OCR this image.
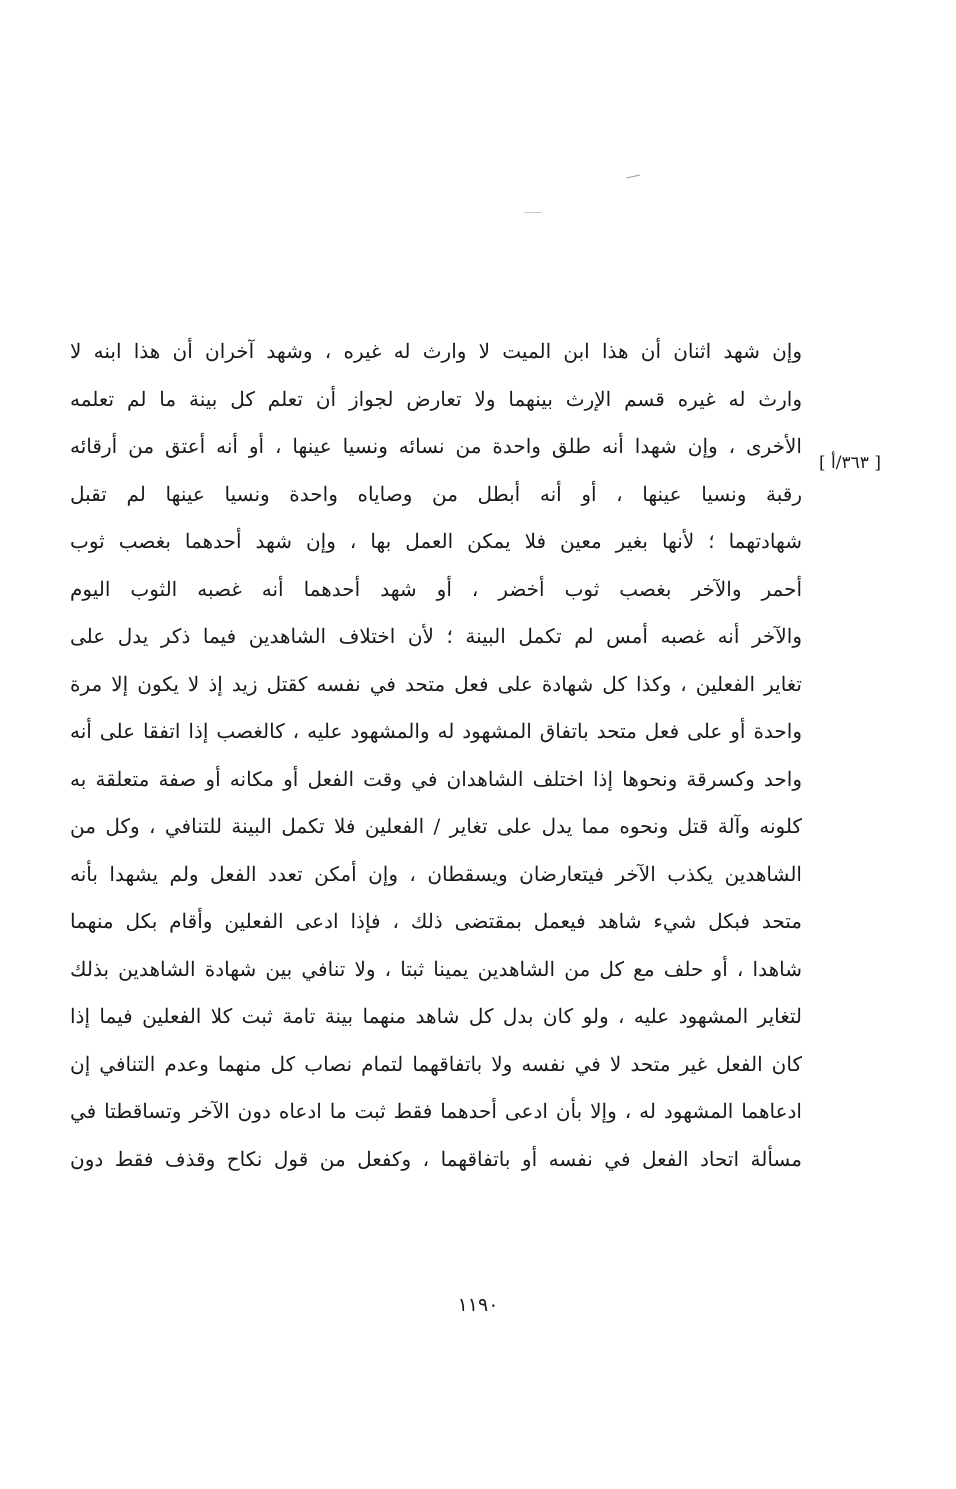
[ ٣٦٣/أ ]
وإن شهد اثنان أن هذا ابن الميت لا وارث له غيره ، وشهد آخران أن هذا ابنه لا
وارث له غيره قسم الإرث بينهما ولا تعارض لجواز أن تعلم كل بينة ما لم تعلمه
الأخرى ، وإن شهدا أنه طلق واحدة من نسائه ونسيا عينها ، أو أنه أعتق من أرقائه
رقبة ونسيا عينها ، أو أنه أبطل من وصاياه واحدة ونسيا عينها لم تقبل
شهادتهما ؛ لأنها بغير معين فلا يمكن العمل بها ، وإن شهد أحدهما بغصب ثوب
أحمر والآخر بغصب ثوب أخضر ، أو شهد أحدهما أنه غصبه الثوب اليوم
والآخر أنه غصبه أمس لم تكمل البينة ؛ لأن اختلاف الشاهدين فيما ذكر يدل على
تغاير الفعلين ، وكذا كل شهادة على فعل متحد في نفسه كقتل زيد إذ لا يكون إلا مرة
واحدة أو على فعل متحد باتفاق المشهود له والمشهود عليه ، كالغصب إذا اتفقا على أنه
واحد وكسرقة ونحوها إذا اختلف الشاهدان في وقت الفعل أو مكانه أو صفة متعلقة به
كلونه وآلة قتل ونحوه مما يدل على تغاير / الفعلين فلا تكمل البينة للتنافي ، وكل من
الشاهدين يكذب الآخر فيتعارضان ويسقطان ، وإن أمكن تعدد الفعل ولم يشهدا بأنه
متحد فبكل شيء شاهد فيعمل بمقتضى ذلك ، فإذا ادعى الفعلين وأقام بكل منهما
شاهدا ، أو حلف مع كل من الشاهدين يمينا ثبتا ، ولا تنافي بين شهادة الشاهدين بذلك
لتغاير المشهود عليه ، ولو كان بدل كل شاهد منهما بينة تامة ثبت كلا الفعلين فيما إذا
كان الفعل غير متحد لا في نفسه ولا باتفاقهما لتمام نصاب كل منهما وعدم التنافي إن
ادعاهما المشهود له ، وإلا بأن ادعى أحدهما فقط ثبت ما ادعاه دون الآخر وتساقطتا في
مسألة اتحاد الفعل في نفسه أو باتفاقهما ، وكفعل من قول نكاح وقذف فقط دون
١١٩٠
